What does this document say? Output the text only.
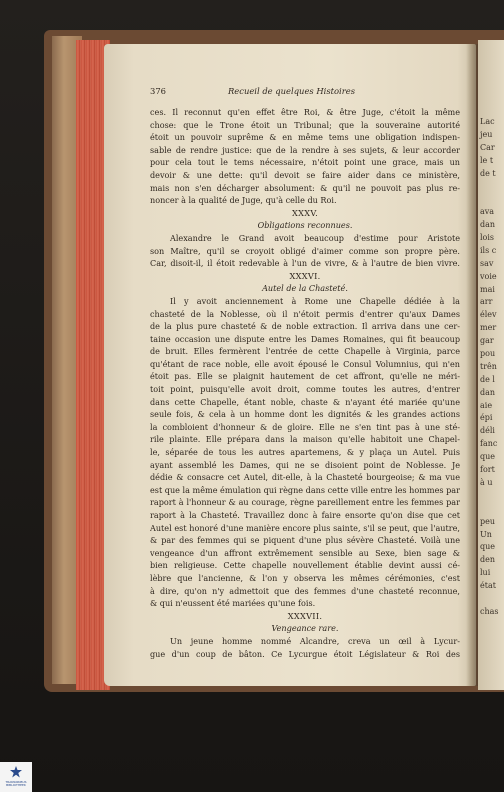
Lac
jeu
Car
le t
de t
ava
dan
lois
ils c
sav
voie
mai
arr
élev
mer
gar
pou
trên
de l
dan
aie
épi
déli
fanc
que
fort
à u
peu
Un
que
den
lui
état
chas
376	Recueil de quelques Histoires
ces. Il reconnut qu'en effet être Roi, & être Juge, c'étoit la même
chose: que le Trone étoit un Tribunal; que la souveraine autorité
étoit un pouvoir suprême & en même tems une obligation indispen-
sable de rendre justice: que de la rendre à ses sujets, & leur accorder
pour cela tout le tems nécessaire, n'étoit point une grace, mais un
devoir & une dette: qu'il devoit se faire aider dans ce ministère,
mais non s'en décharger absolument: & qu'il ne pouvoit pas plus re-
noncer à la qualité de Juge, qu'à celle du Roi.
XXXV.
Obligations reconnues.
Alexandre le Grand avoit beaucoup d'estime pour Aristote
son Maître, qu'il se croyoit obligé d'aimer comme son propre père.
Car, disoit-il, il étoit redevable à l'un de vivre, & à l'autre de bien vivre.
XXXVI.
Autel de la Chasteté.
Il y avoit anciennement à Rome une Chapelle dédiée à la
chasteté de la Noblesse, où il n'étoit permis d'entrer qu'aux Dames
de la plus pure chasteté & de noble extraction. Il arriva dans une cer-
taine occasion une dispute entre les Dames Romaines, qui fit beaucoup
de bruit. Elles fermèrent l'entrée de cette Chapelle à Virginia, parce
qu'étant de race noble, elle avoit épousé le Consul Volumnius, qui n'en
étoit pas. Elle se plaignit hautement de cet affront, qu'elle ne méri-
toit point, puisqu'elle avoit droit, comme toutes les autres, d'entrer
dans cette Chapelle, étant noble, chaste & n'ayant été mariée qu'une
seule fois, & cela à un homme dont les dignités & les grandes actions
la combloient d'honneur & de gloire. Elle ne s'en tint pas à une sté-
rile plainte. Elle prépara dans la maison qu'elle habitoit une Chapel-
le, séparée de tous les autres apartemens, & y plaça un Autel. Puis
ayant assemblé les Dames, qui ne se disoient point de Noblesse. Je
dédie & consacre cet Autel, dit-elle, à la Chasteté bourgeoise; & ma vue
est que la même émulation qui règne dans cette ville entre les hommes par
raport à l'honneur & au courage, règne pareillement entre les femmes par
raport à la Chasteté. Travaillez donc à faire ensorte qu'on dise que cet
Autel est honoré d'une manière encore plus sainte, s'il se peut, que l'autre,
& par des femmes qui se piquent d'une plus sévère Chasteté. Voilà une
vengeance d'un affront extrêmement sensible au Sexe, bien sage &
bien religieuse. Cette chapelle nouvellement établie devint aussi cé-
lèbre que l'ancienne, & l'on y observa les mêmes cérémonies, c'est
à dire, qu'on n'y admettoit que des femmes d'une chasteté reconnue,
& qui n'eussent été mariées qu'une fois.
XXXVII.
Vengeance rare.
Un jeune homme nommé Alcandre, creva un œil à Lycur-
gue d'un coup de bâton. Ce Lycurgue étoit Législateur & Roi des
TRANSKRIBUS BIBLIOTHEEK
